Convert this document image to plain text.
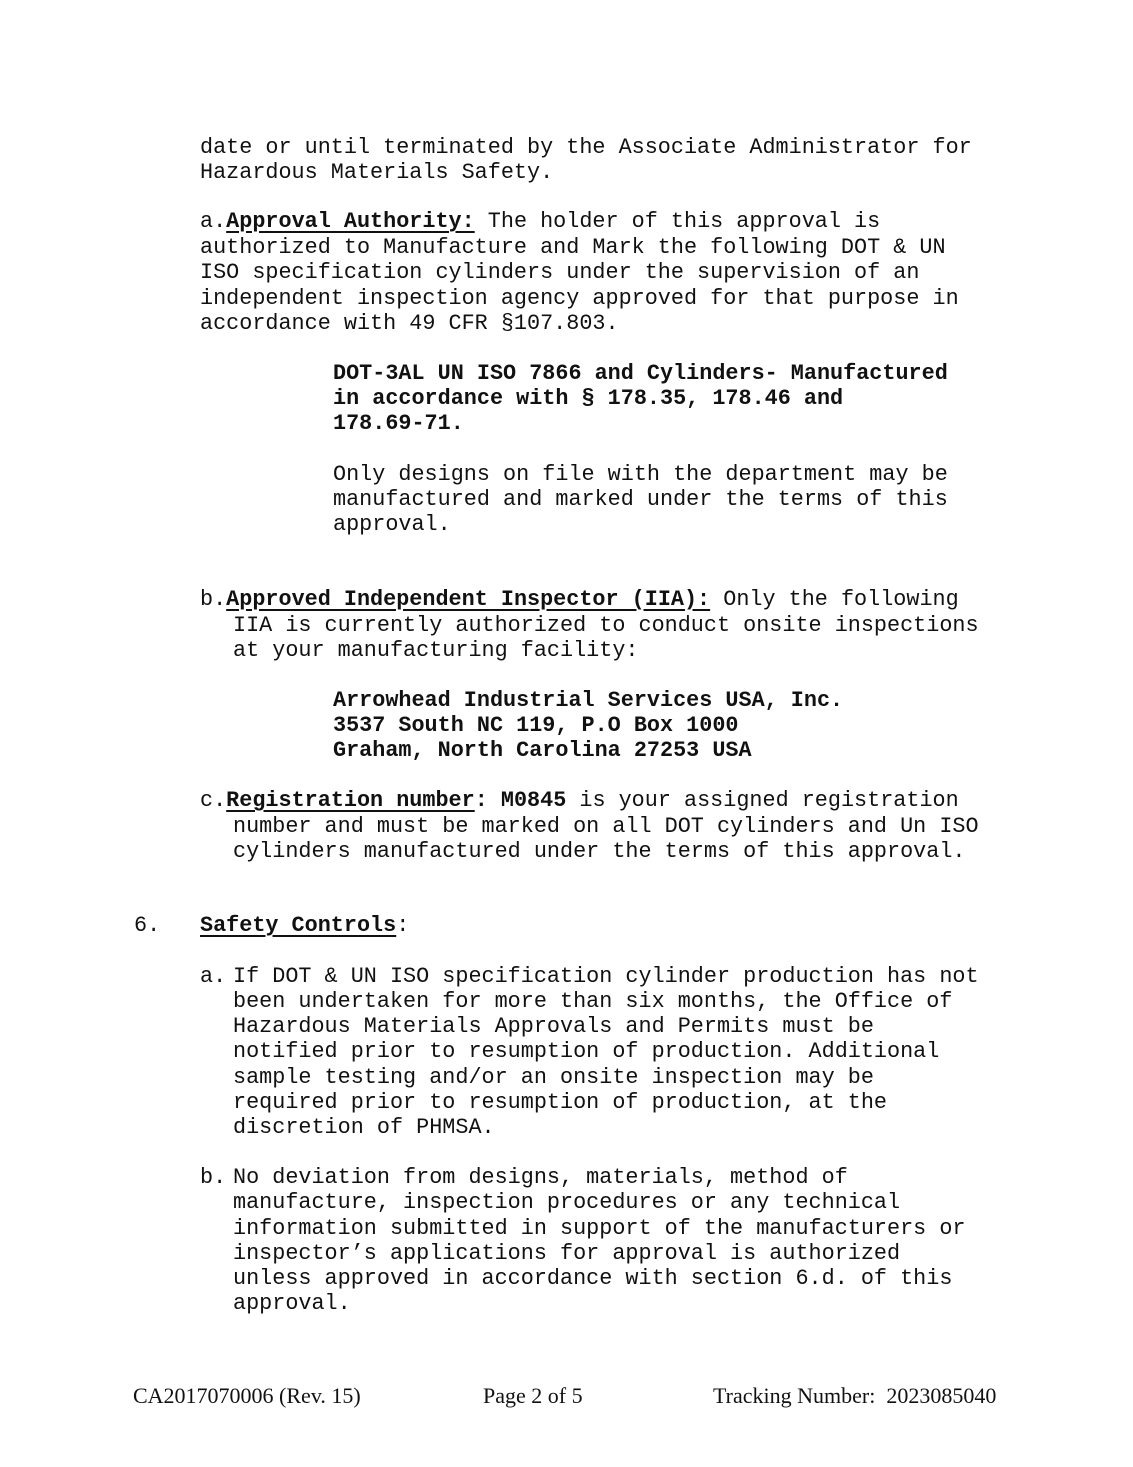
date or until terminated by the Associate Administrator for
Hazardous Materials Safety.
a.Approval Authority: The holder of this approval is
authorized to Manufacture and Mark the following DOT & UN
ISO specification cylinders under the supervision of an
independent inspection agency approved for that purpose in
accordance with 49 CFR §107.803.
DOT-3AL UN ISO 7866 and Cylinders- Manufactured
in accordance with § 178.35, 178.46 and
178.69-71.
Only designs on file with the department may be
manufactured and marked under the terms of this
approval.
b.Approved Independent Inspector (IIA): Only the following
IIA is currently authorized to conduct onsite inspections
at your manufacturing facility:
Arrowhead Industrial Services USA, Inc.
3537 South NC 119, P.O Box 1000
Graham, North Carolina 27253 USA
c.Registration number: M0845 is your assigned registration
number and must be marked on all DOT cylinders and Un ISO
cylinders manufactured under the terms of this approval.
6. Safety Controls:
a. If DOT & UN ISO specification cylinder production has not
been undertaken for more than six months, the Office of
Hazardous Materials Approvals and Permits must be
notified prior to resumption of production. Additional
sample testing and/or an onsite inspection may be
required prior to resumption of production, at the
discretion of PHMSA.
b. No deviation from designs, materials, method of
manufacture, inspection procedures or any technical
information submitted in support of the manufacturers or
inspector’s applications for approval is authorized
unless approved in accordance with section 6.d. of this
approval.
CA2017070006 (Rev. 15)	Page 2 of 5	Tracking Number:  2023085040
